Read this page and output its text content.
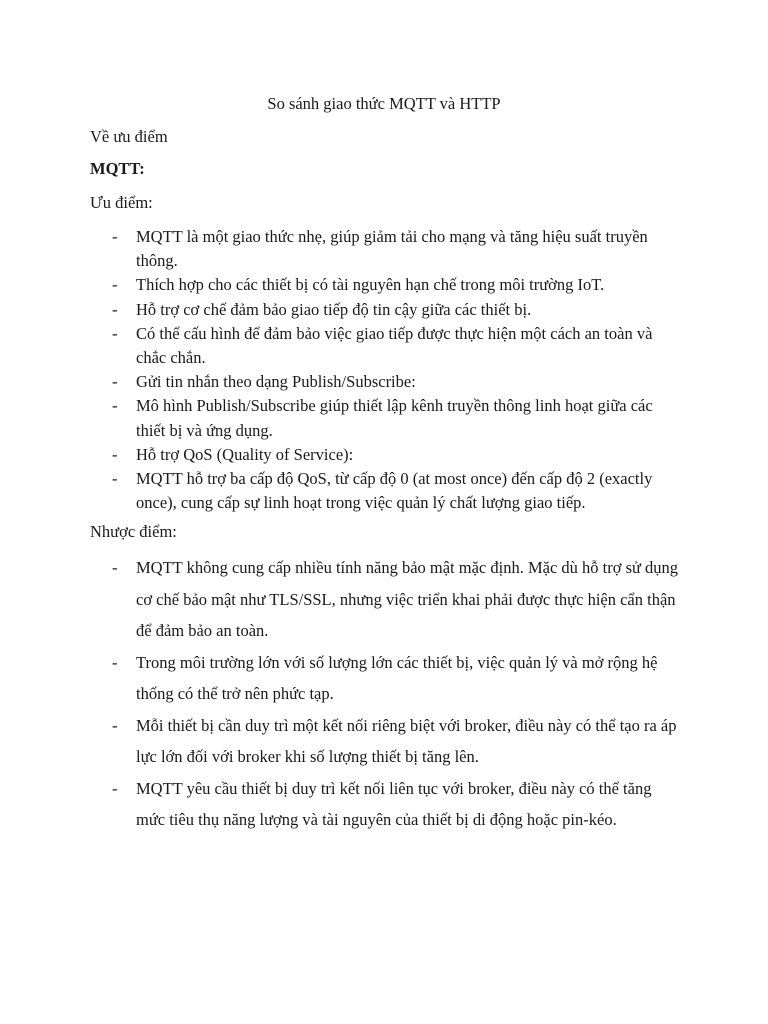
So sánh giao thức MQTT và HTTP

Về ưu điểm

MQTT:

Ưu điểm:

- MQTT là một giao thức nhẹ, giúp giảm tải cho mạng và tăng hiệu suất truyền thông.
- Thích hợp cho các thiết bị có tài nguyên hạn chế trong môi trường IoT.
- Hỗ trợ cơ chế đảm bảo giao tiếp độ tin cậy giữa các thiết bị.
- Có thể cấu hình để đảm bảo việc giao tiếp được thực hiện một cách an toàn và chắc chắn.
- Gửi tin nhắn theo dạng Publish/Subscribe:
- Mô hình Publish/Subscribe giúp thiết lập kênh truyền thông linh hoạt giữa các thiết bị và ứng dụng.
- Hỗ trợ QoS (Quality of Service):
- MQTT hỗ trợ ba cấp độ QoS, từ cấp độ 0 (at most once) đến cấp độ 2 (exactly once), cung cấp sự linh hoạt trong việc quản lý chất lượng giao tiếp.

Nhược điểm:

- MQTT không cung cấp nhiều tính năng bảo mật mặc định. Mặc dù hỗ trợ sử dụng cơ chế bảo mật như TLS/SSL, nhưng việc triển khai phải được thực hiện cẩn thận để đảm bảo an toàn.
- Trong môi trường lớn với số lượng lớn các thiết bị, việc quản lý và mở rộng hệ thống có thể trở nên phức tạp.
- Mỗi thiết bị cần duy trì một kết nối riêng biệt với broker, điều này có thể tạo ra áp lực lớn đối với broker khi số lượng thiết bị tăng lên.
- MQTT yêu cầu thiết bị duy trì kết nối liên tục với broker, điều này có thể tăng mức tiêu thụ năng lượng và tài nguyên của thiết bị di động hoặc pin-kéo.
